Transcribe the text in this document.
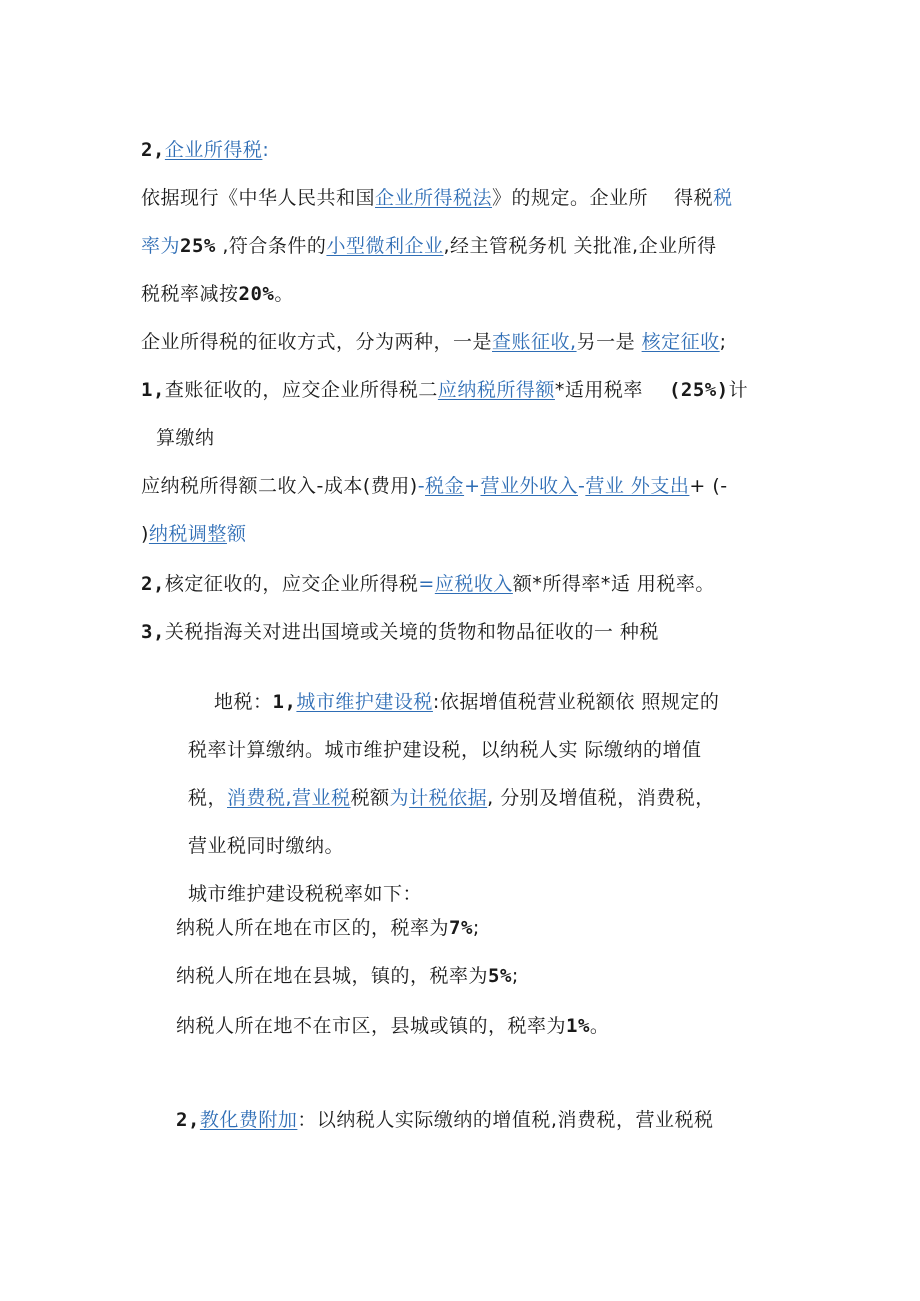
2,企业所得税:
依据现行《中华人民共和国企业所得税法》的规定。企业所 　得税税
率为25% ,符合条件的小型微利企业,经主管税务机 关批准,企业所得
税税率减按20%。
企业所得税的征收方式，分为两种，一是查账征收,另一是 核定征收;
1,查账征收的，应交企业所得税二应纳税所得额*适用税率 　(25%)计
算缴纳
应纳税所得额二收入-成本(费用)-税金+营业外收入-营业 外支出+ (-
)纳税调整额
2,核定征收的，应交企业所得税=应税收入额*所得率*适 用税率。
3,关税指海关对进出国境或关境的货物和物品征收的一 种税
地税：1,城市维护建设税:依据增值税营业税额依 照规定的
税率计算缴纳。城市维护建设税，以纳税人实 际缴纳的增值
税，消费税,营业税税额为计税依据, 分别及增值税，消费税，
营业税同时缴纳。
城市维护建设税税率如下：
纳税人所在地在市区的，税率为7%;
纳税人所在地在县城，镇的，税率为5%;
纳税人所在地不在市区，县城或镇的，税率为1%。
2,教化费附加：以纳税人实际缴纳的增值税,消费税，营业税税
